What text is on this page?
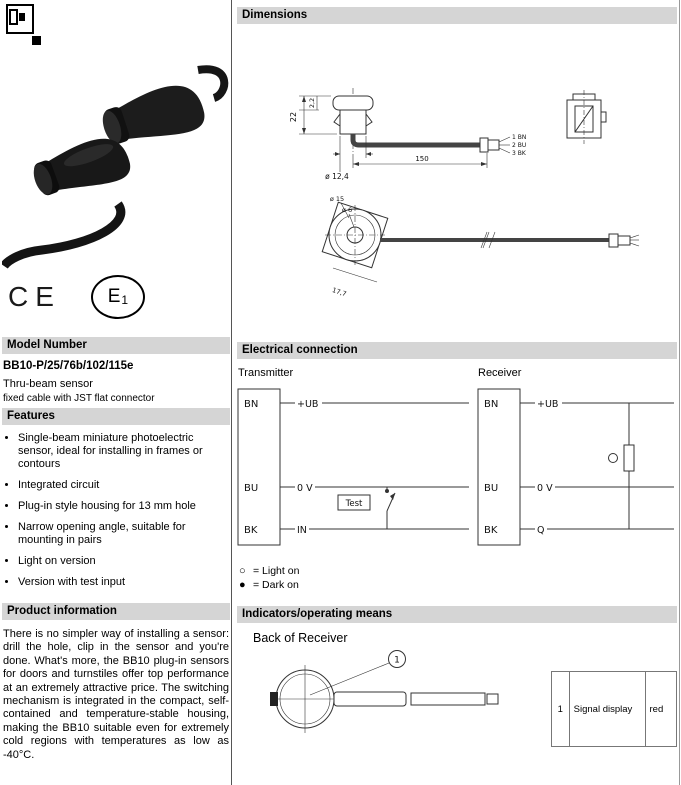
CE E 1
Model Number
BB10-P/25/76b/102/115e
Thru-beam sensor
fixed cable with JST flat connector
Features
• Single-beam miniature photoelectric sensor, ideal for installing in frames or contours
• Integrated circuit
• Plug-in style housing for 13 mm hole
• Narrow opening angle, suitable for mounting in pairs
• Light on version
• Version with test input
Product information

There is no simpler way of installing a sensor: drill the hole, clip in the sensor and you're done. What's more, the BB10 plug-in sensors for doors and turnstiles offer top performance at an extremely attractive price. The switching mechanism is integrated in the compact, self-contained and temperature-stable housing, making the BB10 suitable even for extremely cold regions with temperatures as low as -40°C.

Dimensions
22
2,2
ø 12,4
1 BN
2 BU
3 BK
150
ø 15
ø 6
17,7
Electrical connection
Transmitter
BN
BU
BK
+UB
0 V
IN
Test
Receiver
BN
BU
BK
+UB
0 V
Q
○ = Light on
● = Dark on
Indicators/operating means
Back of Receiver
1
1	Signal display	red
